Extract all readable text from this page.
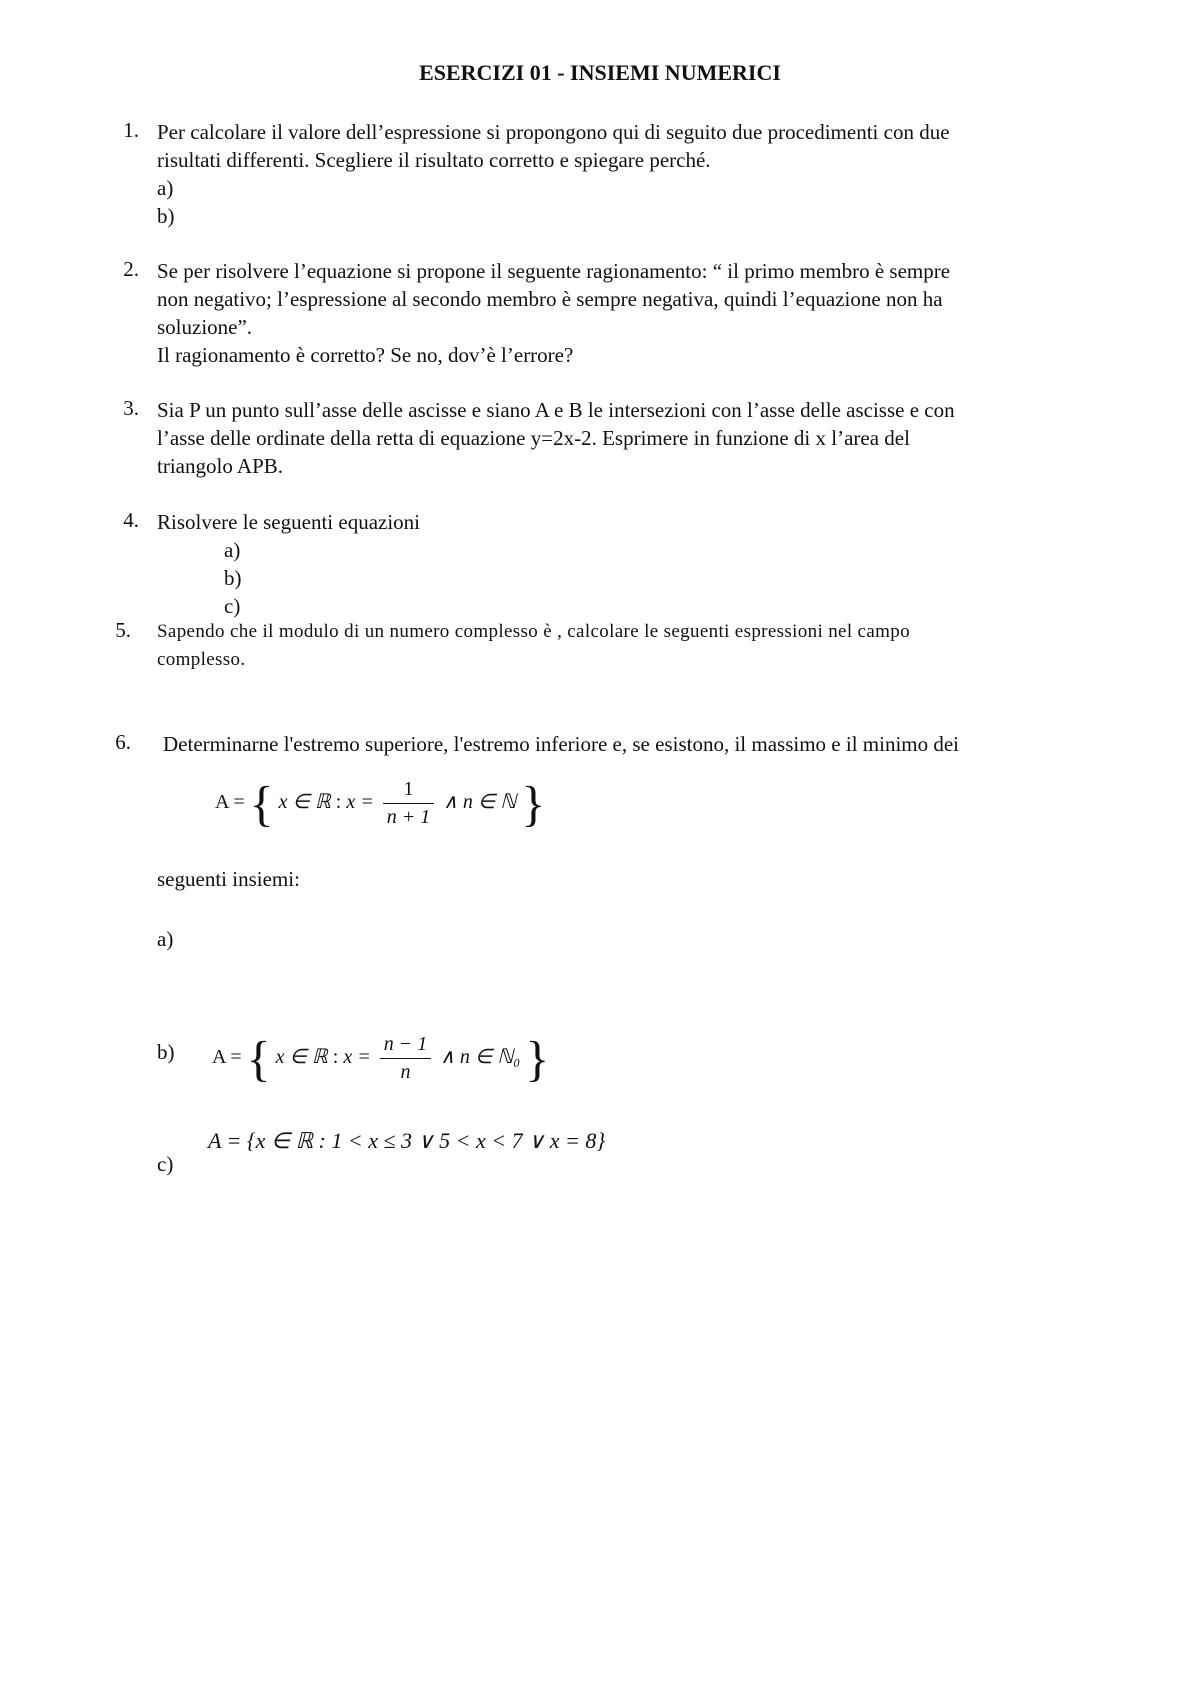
ESERCIZI 01 - INSIEMI NUMERICI
1. Per calcolare il valore dell’espressione si propongono qui di seguito due procedimenti con due
risultati differenti. Scegliere il risultato corretto e spiegare perché.
a)
b)
2. Se per risolvere l’equazione si propone il seguente ragionamento: “ il primo membro è sempre
non negativo; l’espressione al secondo membro è sempre negativa, quindi l’equazione non ha
soluzione”.
Il ragionamento è corretto? Se no, dov’è l’errore?
3. Sia P un punto sull’asse delle ascisse e siano A e B le intersezioni con l’asse delle ascisse e con
l’asse delle ordinate della retta di equazione y=2x-2. Esprimere in funzione di x l’area del
triangolo APB.
4. Risolvere le seguenti equazioni
a)
b)
c)
5. Sapendo che il modulo di un numero complesso è , calcolare le seguenti espressioni nel campo
complesso.
6. Determinarne l'estremo superiore, l'estremo inferiore e, se esistono, il massimo e il minimo dei
A = { x ∈ ℝ : $x = \frac{1}{n + 1}$ ∧ n ∈ ℕ }
seguenti insiemi:
a)
b) A = { x ∈ ℝ : $x = \frac{n - 1}{n}$ ∧ n ∈ ℕ₀ }
A = {x ∈ ℝ : 1 < x ≤ 3 ∨ 5 < x < 7 ∨ x = 8}
c)
